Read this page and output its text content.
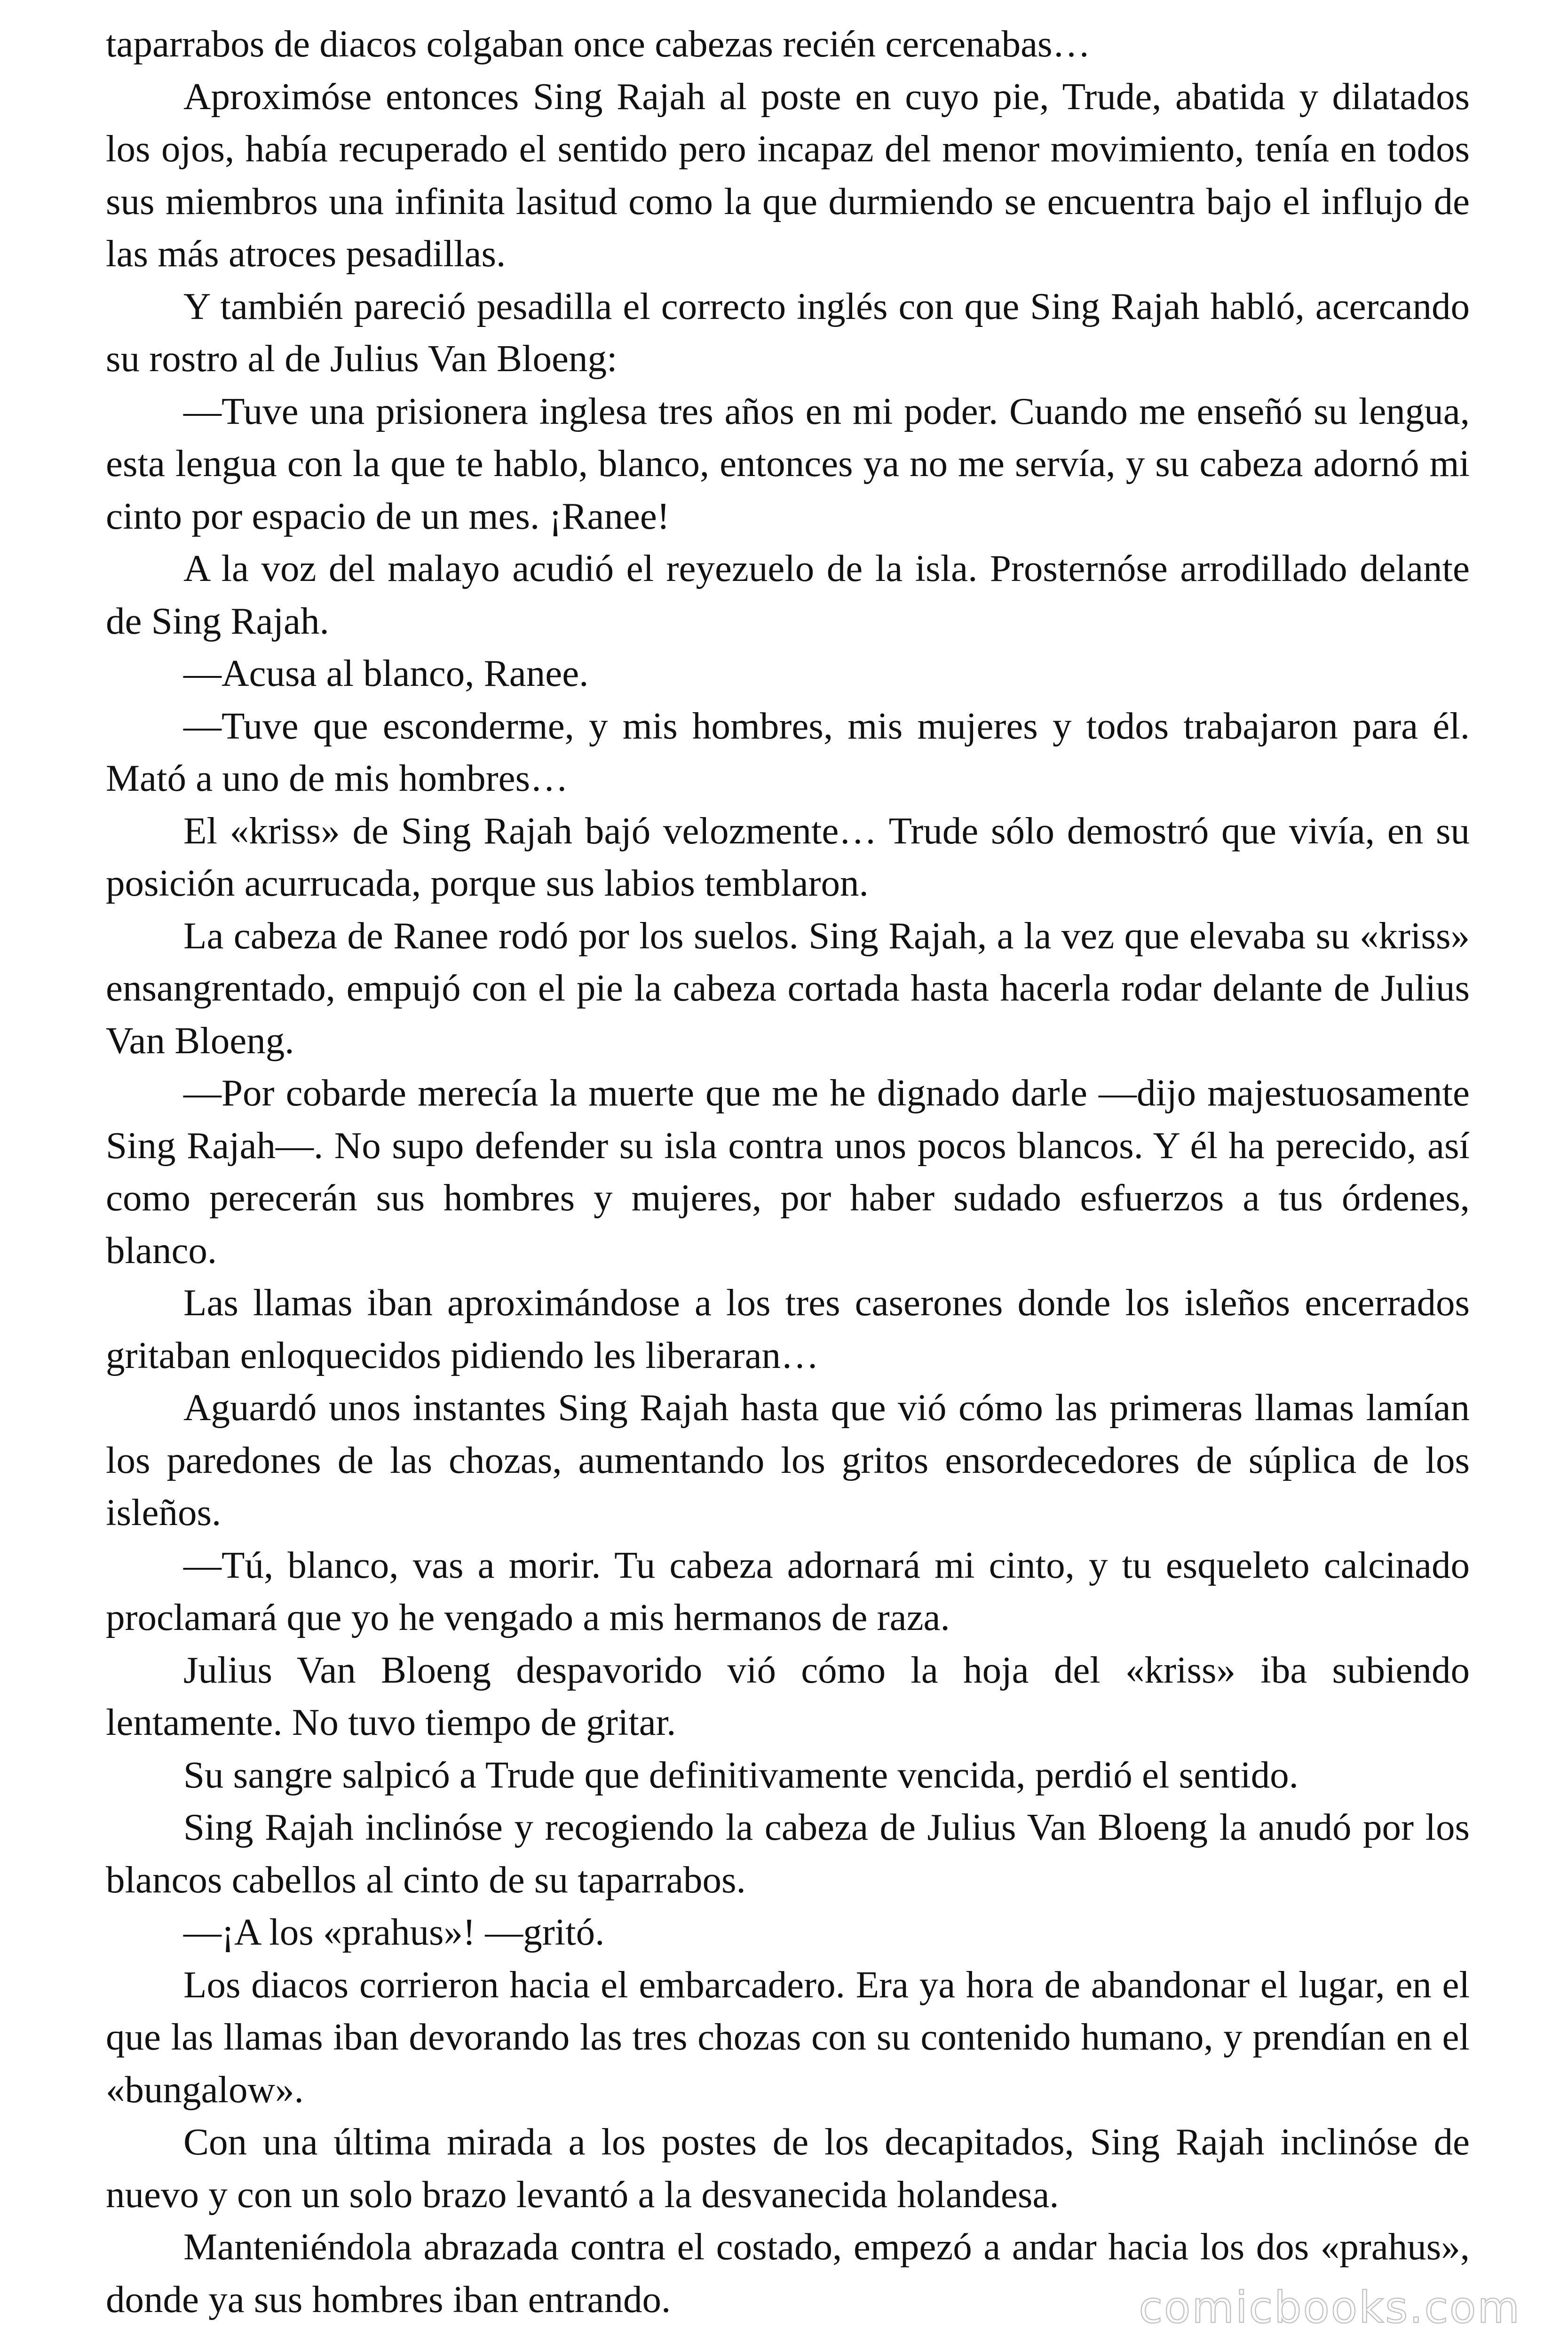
taparrabos de diacos colgaban once cabezas recién cercenabas…

Aproximóse entonces Sing Rajah al poste en cuyo pie, Trude, abatida y dilatados los ojos, había recuperado el sentido pero incapaz del menor movimiento, tenía en todos sus miembros una infinita lasitud como la que durmiendo se encuentra bajo el influjo de las más atroces pesadillas.

Y también pareció pesadilla el correcto inglés con que Sing Rajah habló, acercando su rostro al de Julius Van Bloeng:

—Tuve una prisionera inglesa tres años en mi poder. Cuando me enseñó su lengua, esta lengua con la que te hablo, blanco, entonces ya no me servía, y su cabeza adornó mi cinto por espacio de un mes. ¡Ranee!

A la voz del malayo acudió el reyezuelo de la isla. Prosternóse arrodillado delante de Sing Rajah.

—Acusa al blanco, Ranee.

—Tuve que esconderme, y mis hombres, mis mujeres y todos trabajaron para él. Mató a uno de mis hombres…

El «kriss» de Sing Rajah bajó velozmente… Trude sólo demostró que vivía, en su posición acurrucada, porque sus labios temblaron.

La cabeza de Ranee rodó por los suelos. Sing Rajah, a la vez que elevaba su «kriss» ensangrentado, empujó con el pie la cabeza cortada hasta hacerla rodar delante de Julius Van Bloeng.

—Por cobarde merecía la muerte que me he dignado darle —dijo majestuosamente Sing Rajah—. No supo defender su isla contra unos pocos blancos. Y él ha perecido, así como perecerán sus hombres y mujeres, por haber sudado esfuerzos a tus órdenes, blanco.

Las llamas iban aproximándose a los tres caserones donde los isleños encerrados gritaban enloquecidos pidiendo les liberaran…

Aguardó unos instantes Sing Rajah hasta que vió cómo las primeras llamas lamían los paredones de las chozas, aumentando los gritos ensordecedores de súplica de los isleños.

—Tú, blanco, vas a morir. Tu cabeza adornará mi cinto, y tu esqueleto calcinado proclamará que yo he vengado a mis hermanos de raza.

Julius Van Bloeng despavorido vió cómo la hoja del «kriss» iba subiendo lentamente. No tuvo tiempo de gritar.

Su sangre salpicó a Trude que definitivamente vencida, perdió el sentido.

Sing Rajah inclinóse y recogiendo la cabeza de Julius Van Bloeng la anudó por los blancos cabellos al cinto de su taparrabos.

—¡A los «prahus»! —gritó.

Los diacos corrieron hacia el embarcadero. Era ya hora de abandonar el lugar, en el que las llamas iban devorando las tres chozas con su contenido humano, y prendían en el «bungalow».

Con una última mirada a los postes de los decapitados, Sing Rajah inclinóse de nuevo y con un solo brazo levantó a la desvanecida holandesa.

Manteniéndola abrazada contra el costado, empezó a andar hacia los dos «prahus», donde ya sus hombres iban entrando.	comicbooks.com
